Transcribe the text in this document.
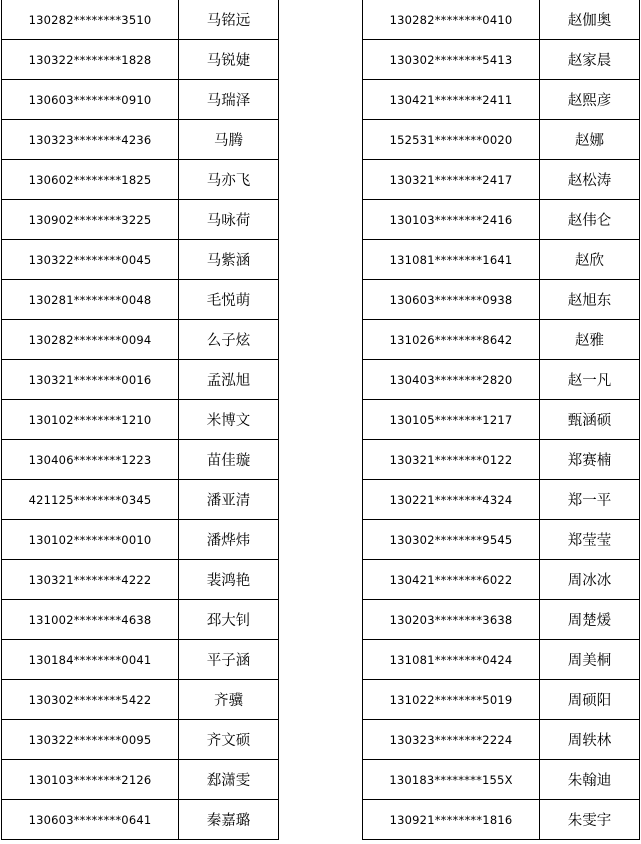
130282********3510	马铭远
130322********1828	马锐婕
130603********0910	马瑞泽
130323********4236	马腾
130602********1825	马亦飞
130902********3225	马咏荷
130322********0045	马紫涵
130281********0048	毛悦萌
130282********0094	么子炫
130321********0016	孟泓旭
130102********1210	米博文
130406********1223	苗佳璇
421125********0345	潘亚清
130102********0010	潘烨炜
130321********4222	裴鸿艳
131002********4638	邳大钊
130184********0041	平子涵
130302********5422	齐骥
130322********0095	齐文硕
130103********2126	郄潇雯
130603********0641	秦嘉璐
130282********0410	赵伽奥
130302********5413	赵家晨
130421********2411	赵熙彦
152531********0020	赵娜
130321********2417	赵松涛
130103********2416	赵伟仑
131081********1641	赵欣
130603********0938	赵旭东
131026********8642	赵雅
130403********2820	赵一凡
130105********1217	甄涵硕
130321********0122	郑赛楠
130221********4324	郑一平
130302********9545	郑莹莹
130421********6022	周冰冰
130203********3638	周楚煖
131081********0424	周美桐
131022********5019	周硕阳
130323********2224	周轶林
130183********155X	朱翰迪
130921********1816	朱雯宇
